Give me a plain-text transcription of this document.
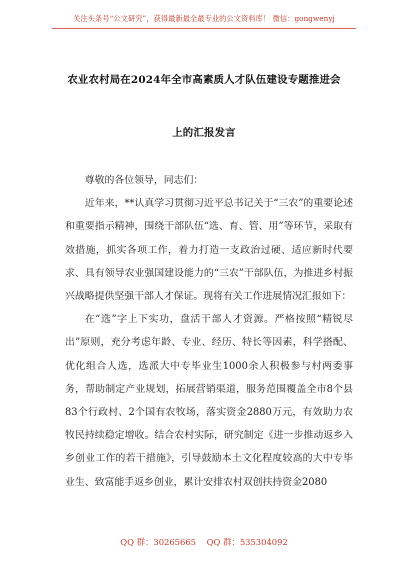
关注头条号“公文研究”，获得最新最全最专业的公文资料库！ 微信：gongwenyj
农业农村局在2024年全市高素质人才队伍建设专题推进会
上的汇报发言

尊敬的各位领导，同志们：

近年来，**认真学习贯彻习近平总书记关于“三农”的重要论述和重要指示精神，围绕干部队伍“选、育、管、用”等环节，采取有效措施，抓实各项工作，着力打造一支政治过硬、适应新时代要求、具有领导农业强国建设能力的“三农”干部队伍，为推进乡村振兴战略提供坚强干部人才保证。现将有关工作进展情况汇报如下：

在“选”字上下实功，盘活干部人才资源。严格按照“精锐尽出”原则，充分考虑年龄、专业、经历、特长等因素，科学搭配、优化组合人选，选派大中专毕业生1000余人积极参与村两委事务，帮助制定产业规划，拓展营销渠道，服务范围覆盖全市8个县83个行政村、2个国有农牧场，落实资金2880万元，有效助力农牧民持续稳定增收。结合农村实际，研究制定《进一步推动返乡入乡创业工作的若干措施》，引导鼓励本土文化程度较高的大中专毕业生、致富能手返乡创业，累计安排农村双创扶持资金2080

QQ 群：30265665 QQ 群：535304092
